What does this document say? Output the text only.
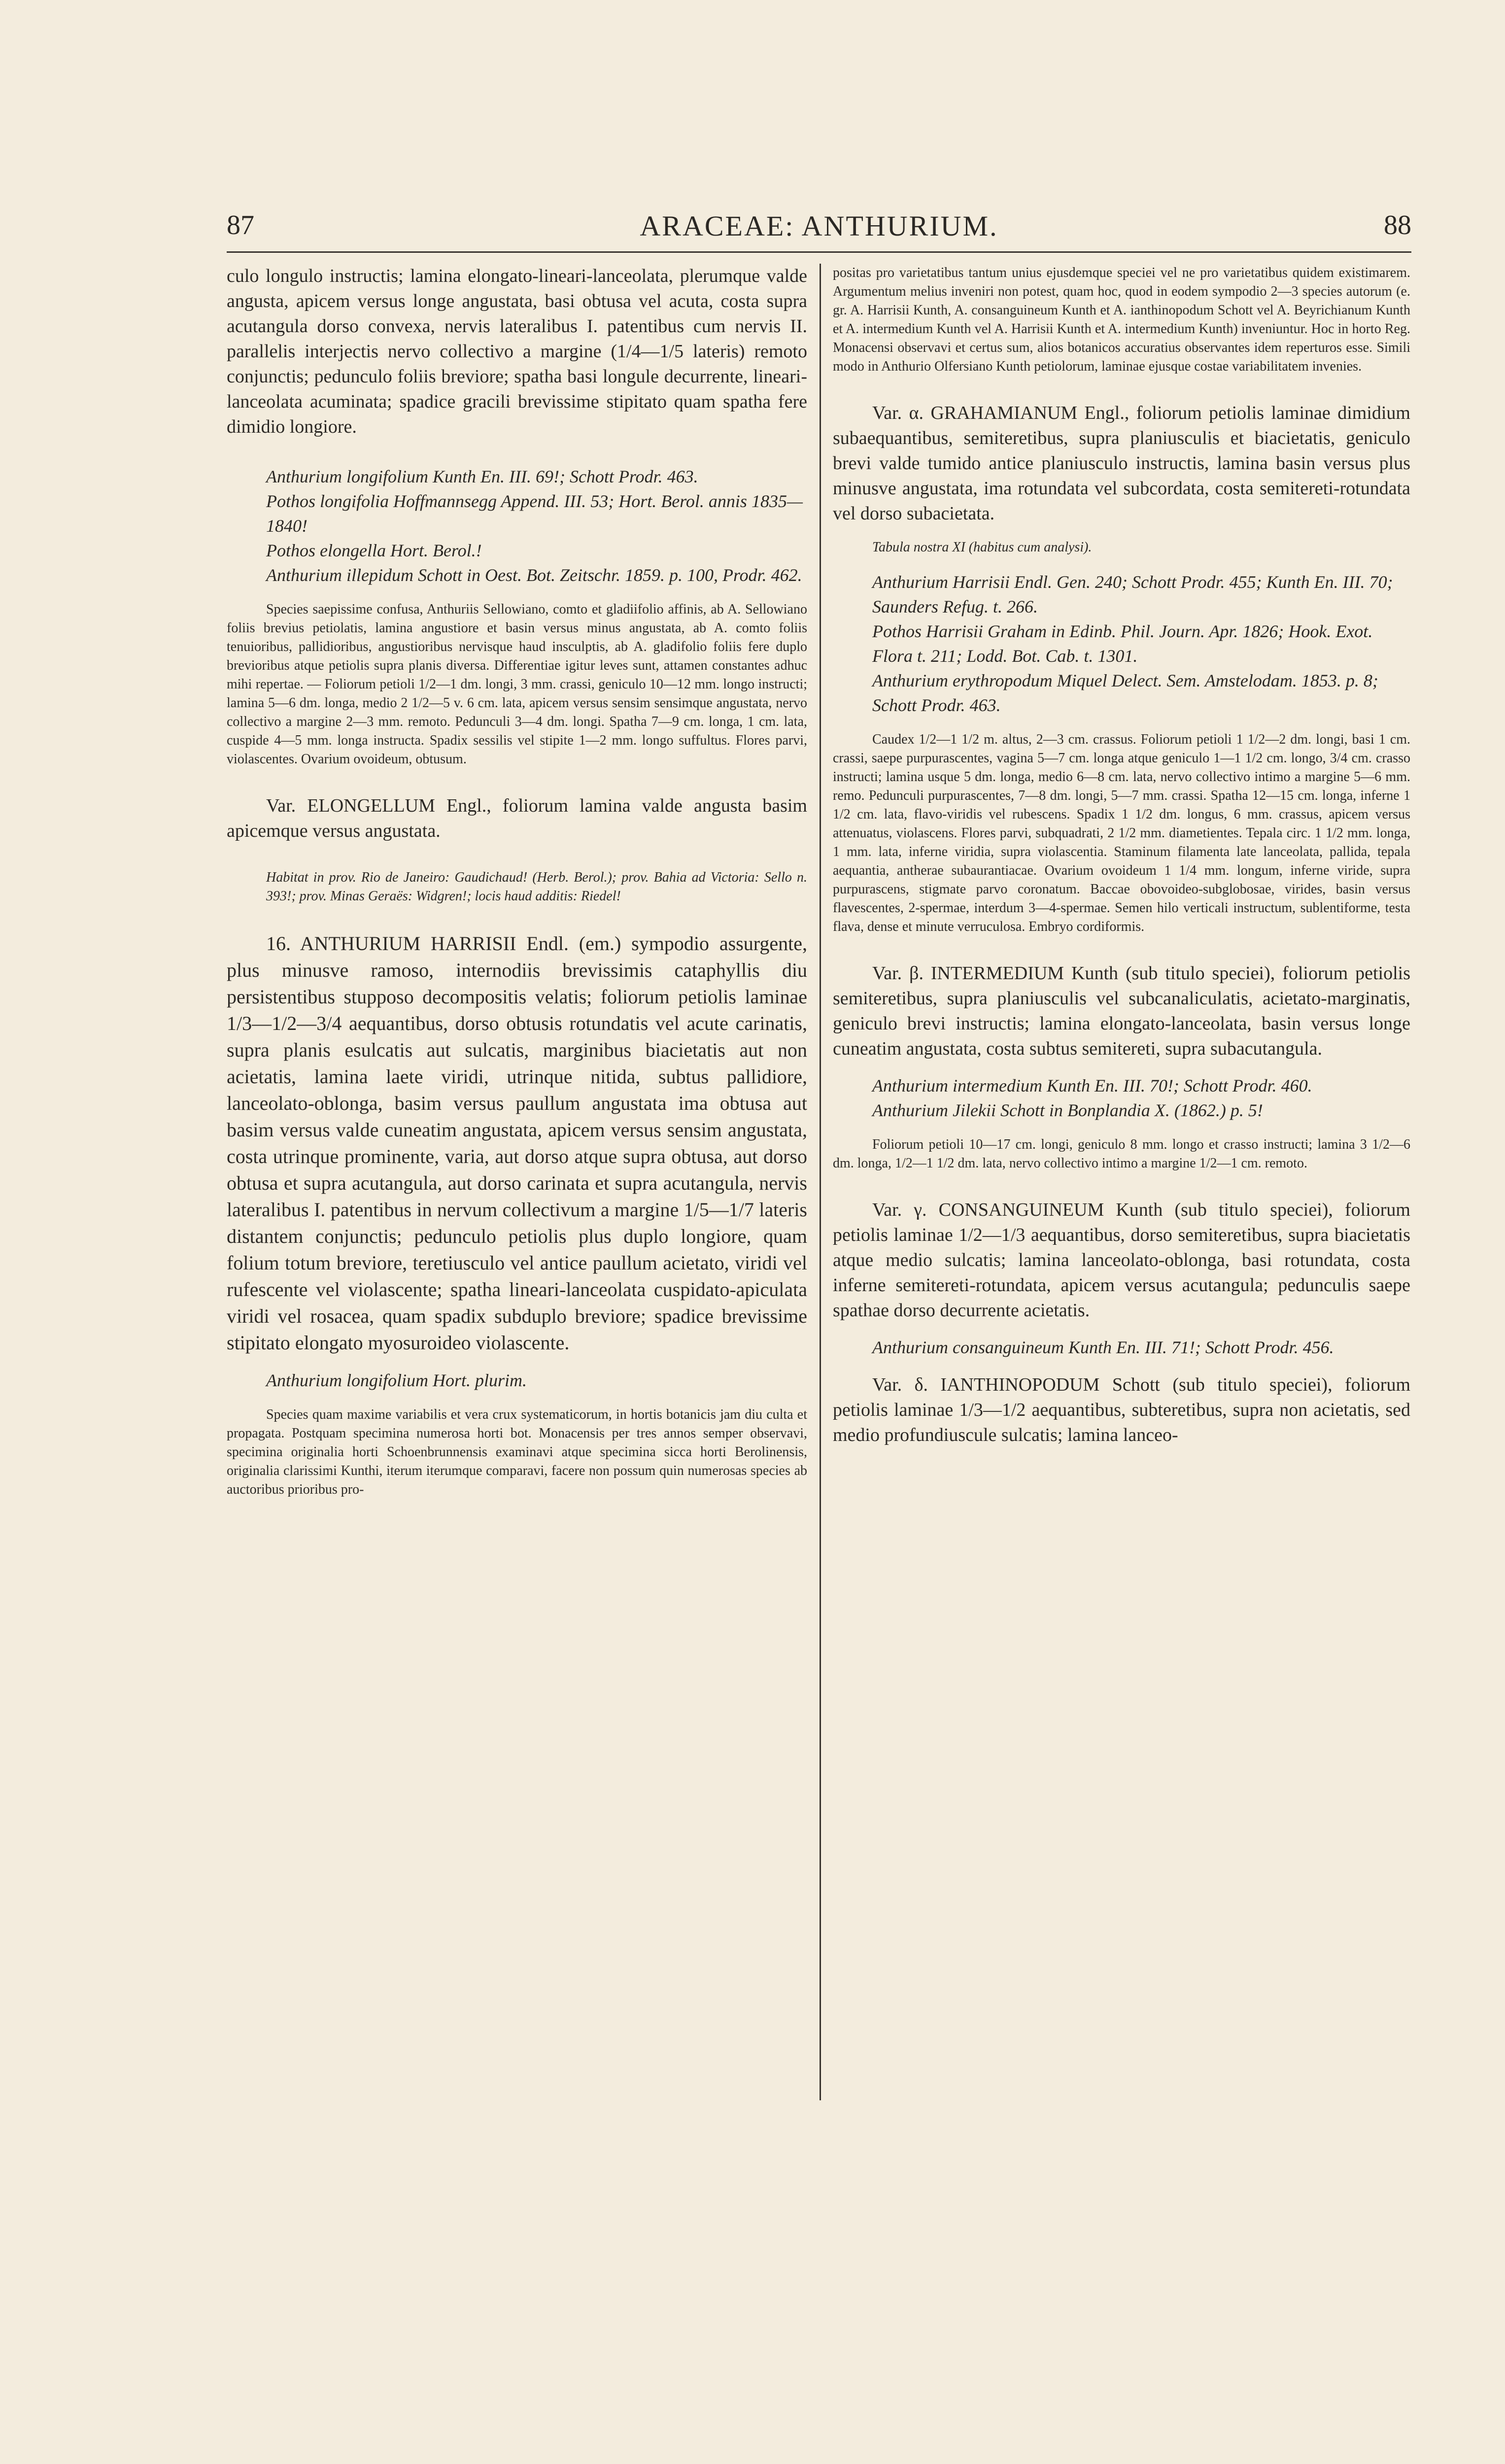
87	ARACEAE: ANTHURIUM.	88

culo longulo instructis; lamina elongato-lineari-lanceolata, plerumque valde angusta, apicem versus longe angustata, basi obtusa vel acuta, costa supra acutangula dorso convexa, nervis lateralibus I. patentibus cum nervis II. parallelis interjectis nervo collectivo a margine (1/4—1/5 lateris) remoto conjunctis; pedunculo foliis breviore; spatha basi longule decurrente, lineari-lanceolata acuminata; spadice gracili brevissime stipitato quam spatha fere dimidio longiore.

Anthurium longifolium Kunth En. III. 69!; Schott Prodr. 463.
Pothos longifolia Hoffmannsegg Append. III. 53; Hort. Berol. annis 1835—1840!
Pothos elongella Hort. Berol.!
Anthurium illepidum Schott in Oest. Bot. Zeitschr. 1859. p. 100, Prodr. 462.

Species saepissime confusa, Anthuriis Sellowiano, comto et gladiifolio affinis, ab A. Sellowiano foliis brevius petiolatis, lamina angustiore et basin versus minus angustata, ab A. comto foliis tenuioribus, pallidioribus, angustioribus nervisque haud insculptis, ab A. gladifolio foliis fere duplo brevioribus atque petiolis supra planis diversa. Differentiae igitur leves sunt, attamen constantes adhuc mihi repertae. — Foliorum petioli 1/2—1 dm. longi, 3 mm. crassi, geniculo 10—12 mm. longo instructi; lamina 5—6 dm. longa, medio 2 1/2—5 v. 6 cm. lata, apicem versus sensim sensimque angustata, nervo collectivo a margine 2—3 mm. remoto. Pedunculi 3—4 dm. longi. Spatha 7—9 cm. longa, 1 cm. lata, cuspide 4—5 mm. longa instructa. Spadix sessilis vel stipite 1—2 mm. longo suffultus. Flores parvi, violascentes. Ovarium ovoideum, obtusum.

Var. ELONGELLUM Engl., foliorum lamina valde angusta basim apicemque versus angustata.

Habitat in prov. Rio de Janeiro: Gaudichaud! (Herb. Berol.); prov. Bahia ad Victoria: Sello n. 393!; prov. Minas Geraës: Widgren!; locis haud additis: Riedel!

16. ANTHURIUM HARRISII Endl. (em.) sympodio assurgente, plus minusve ramoso, internodiis brevissimis cataphyllis diu persistentibus stupposo decompositis velatis; foliorum petiolis laminae 1/3—1/2—3/4 aequantibus, dorso obtusis rotundatis vel acute carinatis, supra planis esulcatis aut sulcatis, marginibus biacietatis aut non acietatis, lamina laete viridi, utrinque nitida, subtus pallidiore, lanceolato-oblonga, basim versus paullum angustata ima obtusa aut basim versus valde cuneatim angustata, apicem versus sensim angustata, costa utrinque prominente, varia, aut dorso atque supra obtusa, aut dorso obtusa et supra acutangula, aut dorso carinata et supra acutangula, nervis lateralibus I. patentibus in nervum collectivum a margine 1/5—1/7 lateris distantem conjunctis; pedunculo petiolis plus duplo longiore, quam folium totum breviore, teretiusculo vel antice paullum acietato, viridi vel rufescente vel violascente; spatha lineari-lanceolata cuspidato-apiculata viridi vel rosacea, quam spadix subduplo breviore; spadice brevissime stipitato elongato myosuroideo violascente.

Anthurium longifolium Hort. plurim.

Species quam maxime variabilis et vera crux systematicorum, in hortis botanicis jam diu culta et propagata. Postquam specimina numerosa horti bot. Monacensis per tres annos semper observavi, specimina originalia horti Schoenbrunnensis examinavi atque specimina sicca horti Berolinensis, originalia clarissimi Kunthi, iterum iterumque comparavi, facere non possum quin numerosas species ab auctoribus prioribus pro-

positas pro varietatibus tantum unius ejusdemque speciei vel ne pro varietatibus quidem existimarem. Argumentum melius inveniri non potest, quam hoc, quod in eodem sympodio 2—3 species autorum (e. gr. A. Harrisii Kunth, A. consanguineum Kunth et A. ianthinopodum Schott vel A. Beyrichianum Kunth et A. intermedium Kunth vel A. Harrisii Kunth et A. intermedium Kunth) inveniuntur. Hoc in horto Reg. Monacensi observavi et certus sum, alios botanicos accuratius observantes idem reperturos esse. Simili modo in Anthurio Olfersiano Kunth petiolorum, laminae ejusque costae variabilitatem invenies.

Var. α. GRAHAMIANUM Engl., foliorum petiolis laminae dimidium subaequantibus, semiteretibus, supra planiusculis et biacietatis, geniculo brevi valde tumido antice planiusculo instructis, lamina basin versus plus minusve angustata, ima rotundata vel subcordata, costa semitereti-rotundata vel dorso subacietata.

Tabula nostra XI (habitus cum analysi).
Anthurium Harrisii Endl. Gen. 240; Schott Prodr. 455; Kunth En. III. 70; Saunders Refug. t. 266.
Pothos Harrisii Graham in Edinb. Phil. Journ. Apr. 1826; Hook. Exot. Flora t. 211; Lodd. Bot. Cab. t. 1301.
Anthurium erythropodum Miquel Delect. Sem. Amstelodam. 1853. p. 8; Schott Prodr. 463.

Caudex 1/2—1 1/2 m. altus, 2—3 cm. crassus. Foliorum petioli 1 1/2—2 dm. longi, basi 1 cm. crassi, saepe purpurascentes, vagina 5—7 cm. longa atque geniculo 1—1 1/2 cm. longo, 3/4 cm. crasso instructi; lamina usque 5 dm. longa, medio 6—8 cm. lata, nervo collectivo intimo a margine 5—6 mm. remo. Pedunculi purpurascentes, 7—8 dm. longi, 5—7 mm. crassi. Spatha 12—15 cm. longa, inferne 1 1/2 cm. lata, flavo-viridis vel rubescens. Spadix 1 1/2 dm. longus, 6 mm. crassus, apicem versus attenuatus, violascens. Flores parvi, subquadrati, 2 1/2 mm. diametientes. Tepala circ. 1 1/2 mm. longa, 1 mm. lata, inferne viridia, supra violascentia. Staminum filamenta late lanceolata, pallida, tepala aequantia, antherae subaurantiacae. Ovarium ovoideum 1 1/4 mm. longum, inferne viride, supra purpurascens, stigmate parvo coronatum. Baccae obovoideo-subglobosae, virides, basin versus flavescentes, 2-spermae, interdum 3—4-spermae. Semen hilo verticali instructum, sublentiforme, testa flava, dense et minute verruculosa. Embryo cordiformis.

Var. β. INTERMEDIUM Kunth (sub titulo speciei), foliorum petiolis semiteretibus, supra planiusculis vel subcanaliculatis, acietato-marginatis, geniculo brevi instructis; lamina elongato-lanceolata, basin versus longe cuneatim angustata, costa subtus semitereti, supra subacutangula.

Anthurium intermedium Kunth En. III. 70!; Schott Prodr. 460.
Anthurium Jilekii Schott in Bonplandia X. (1862.) p. 5!

Foliorum petioli 10—17 cm. longi, geniculo 8 mm. longo et crasso instructi; lamina 3 1/2—6 dm. longa, 1/2—1 1/2 dm. lata, nervo collectivo intimo a margine 1/2—1 cm. remoto.

Var. γ. CONSANGUINEUM Kunth (sub titulo speciei), foliorum petiolis laminae 1/2—1/3 aequantibus, dorso semiteretibus, supra biacietatis atque medio sulcatis; lamina lanceolato-oblonga, basi rotundata, costa inferne semitereti-rotundata, apicem versus acutangula; pedunculis saepe spathae dorso decurrente acietatis.

Anthurium consanguineum Kunth En. III. 71!; Schott Prodr. 456.

Var. δ. IANTHINOPODUM Schott (sub titulo speciei), foliorum petiolis laminae 1/3—1/2 aequantibus, subteretibus, supra non acietatis, sed medio profundiuscule sulcatis; lamina lanceo-
